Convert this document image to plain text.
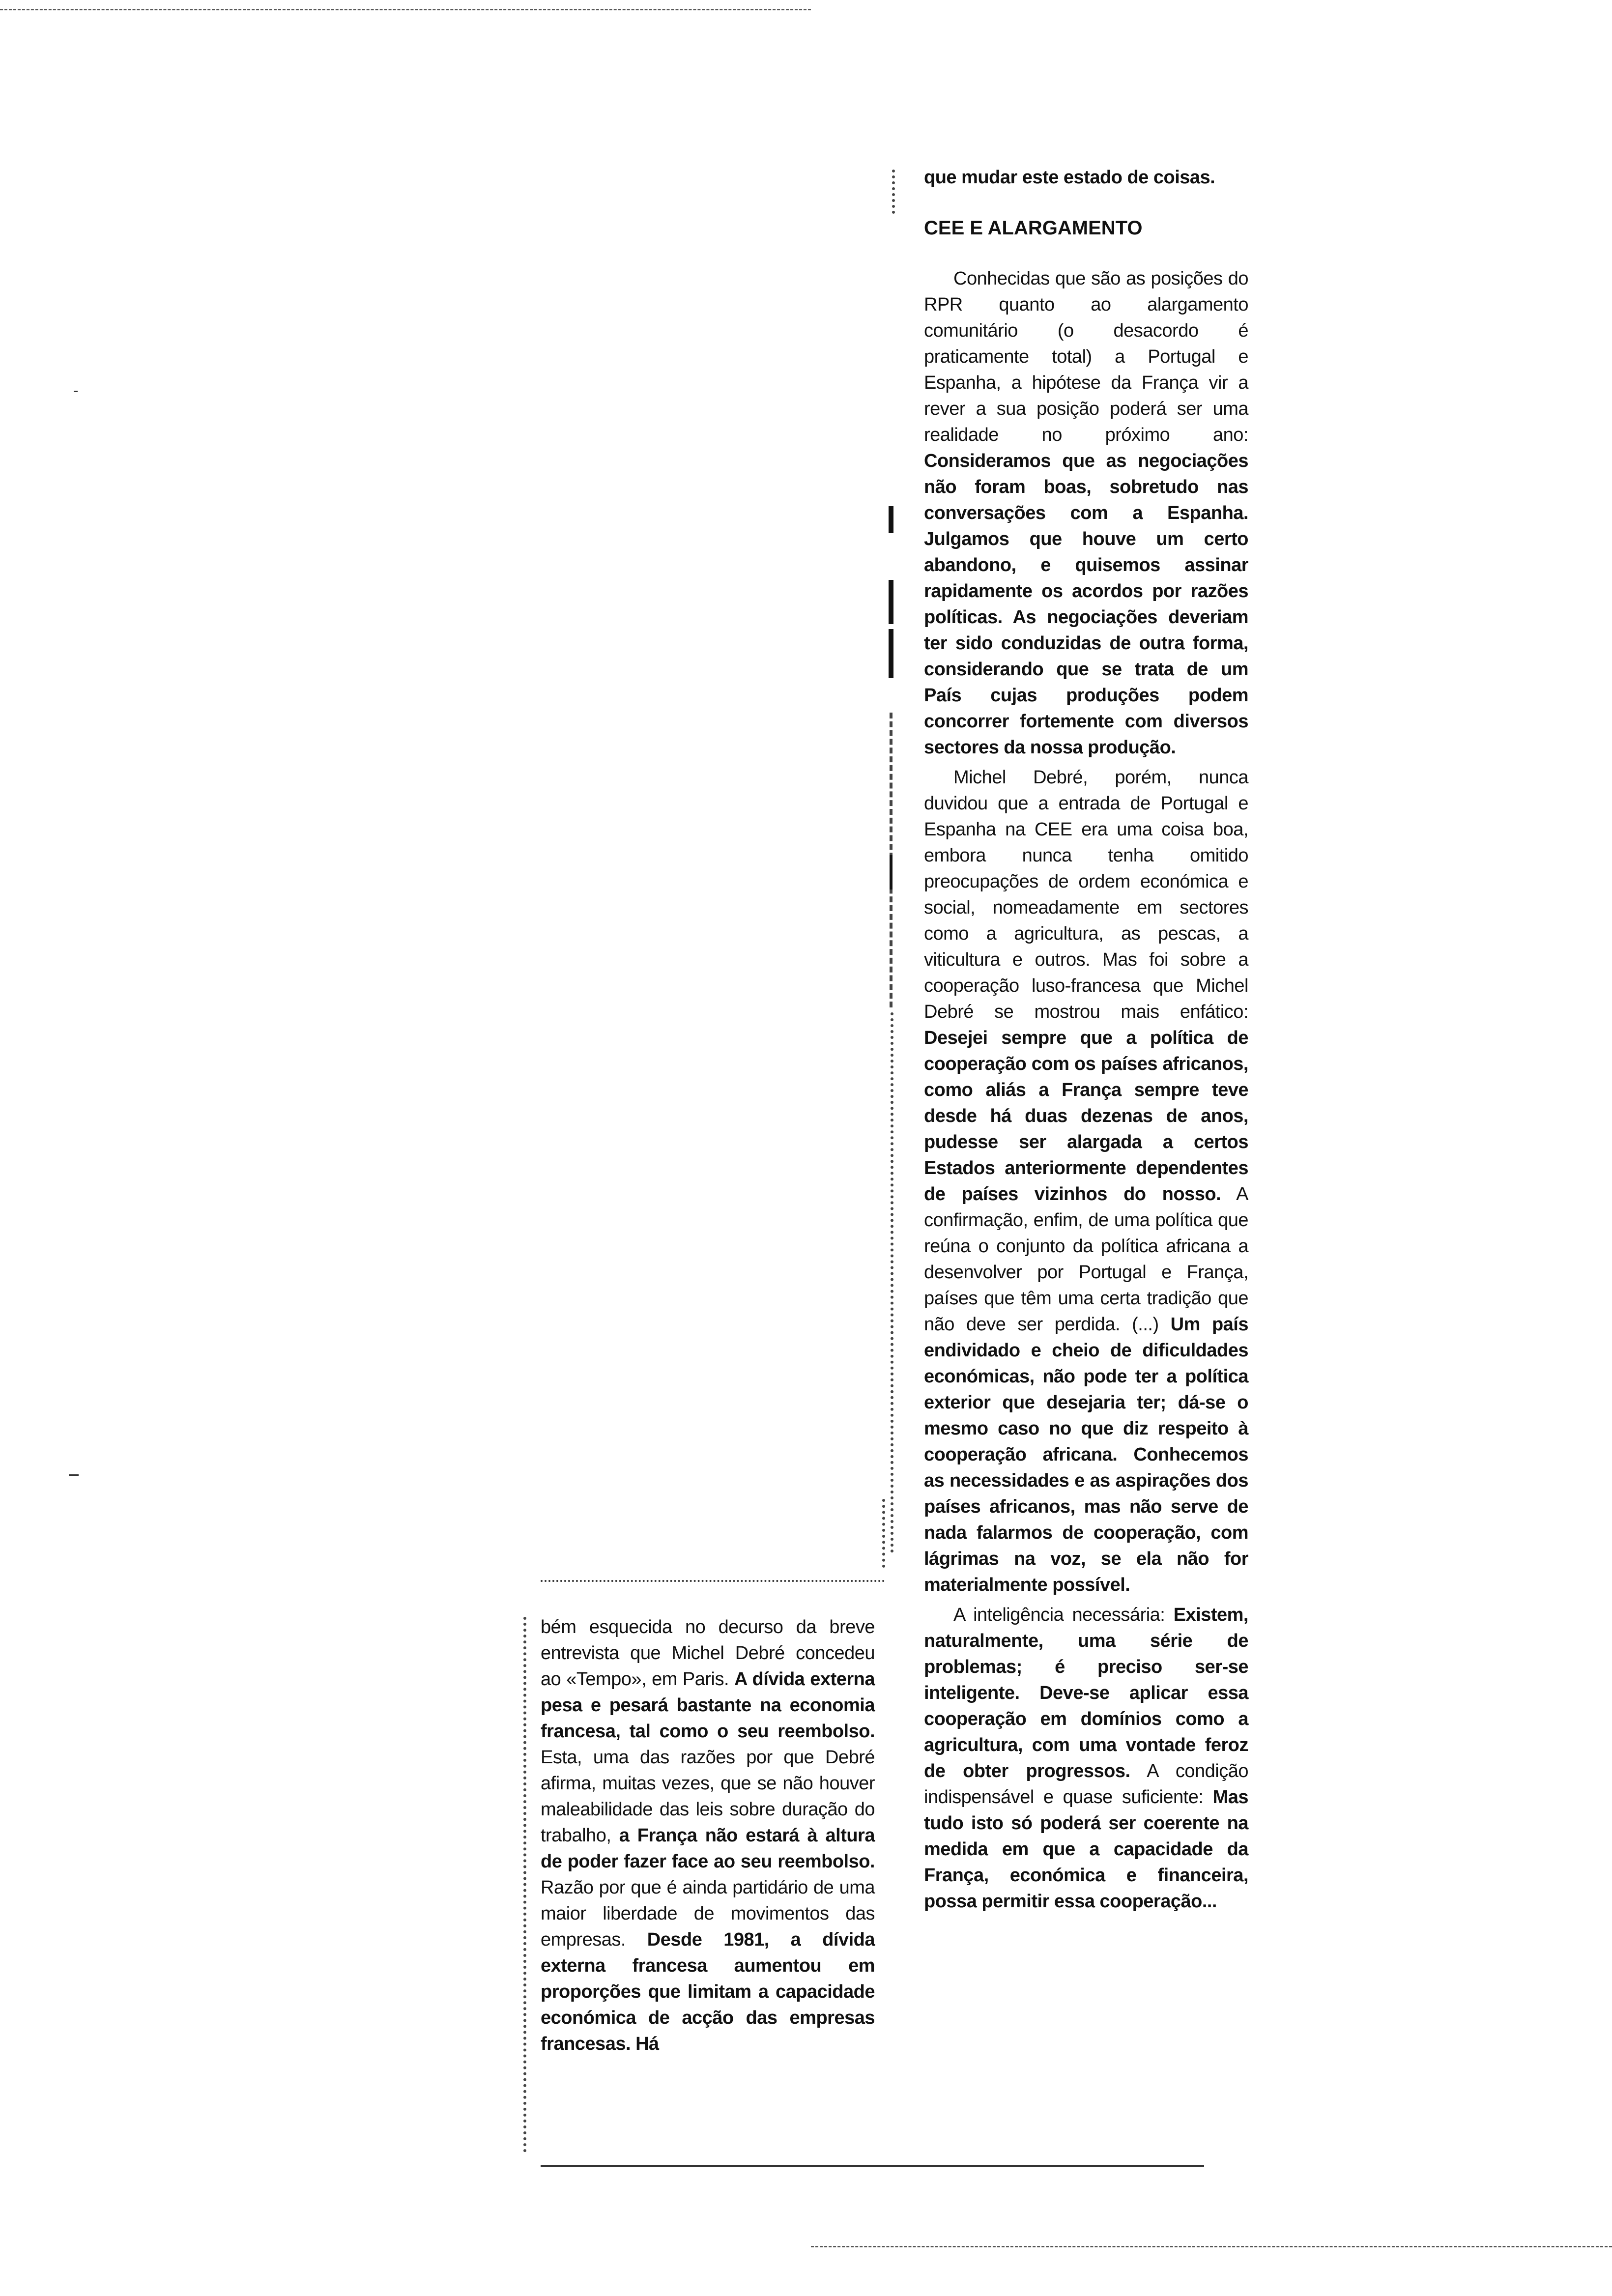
que mudar este estado de coisas.

CEE E ALARGAMENTO

Conhecidas que são as posições do RPR quanto ao alargamento comunitário (o desacordo é praticamente total) a Portugal e Espanha, a hipótese da França vir a rever a sua posição poderá ser uma realidade no próximo ano: Consideramos que as negociações não foram boas, sobretudo nas conversações com a Espanha. Julgamos que houve um certo abandono, e quisemos assinar rapidamente os acordos por razões políticas. As negociações deveriam ter sido conduzidas de outra forma, considerando que se trata de um País cujas produções podem concorrer fortemente com diversos sectores da nossa produção.

Michel Debré, porém, nunca duvidou que a entrada de Portugal e Espanha na CEE era uma coisa boa, embora nunca tenha omitido preocupações de ordem económica e social, nomeadamente em sectores como a agricultura, as pescas, a viticultura e outros. Mas foi sobre a cooperação luso-francesa que Michel Debré se mostrou mais enfático: Desejei sempre que a política de cooperação com os países africanos, como aliás a França sempre teve desde há duas dezenas de anos, pudesse ser alargada a certos Estados anteriormente dependentes de países vizinhos do nosso. A confirmação, enfim, de uma política que reúna o conjunto da política africana a desenvolver por Portugal e França, países que têm uma certa tradição que não deve ser perdida. (...) Um país endividado e cheio de dificuldades económicas, não pode ter a política exterior que desejaria ter; dá-se o mesmo caso no que diz respeito à cooperação africana. Conhecemos as necessidades e as aspirações dos países africanos, mas não serve de nada falarmos de cooperação, com lágrimas na voz, se ela não for materialmente possível.

A inteligência necessária: Existem, naturalmente, uma série de problemas; é preciso ser-se inteligente. Deve-se aplicar essa cooperação em domínios como a agricultura, com uma vontade feroz de obter progressos. A condição indispensável e quase suficiente: Mas tudo isto só poderá ser coerente na medida em que a capacidade da França, económica e financeira, possa permitir essa cooperação...

bém esquecida no decurso da breve entrevista que Michel Debré concedeu ao «Tempo», em Paris. A dívida externa pesa e pesará bastante na economia francesa, tal como o seu reembolso. Esta, uma das razões por que Debré afirma, muitas vezes, que se não houver maleabilidade das leis sobre duração do trabalho, a França não estará à altura de poder fazer face ao seu reembolso. Razão por que é ainda partidário de uma maior liberdade de movimentos das empresas. Desde 1981, a dívida externa francesa aumentou em proporções que limitam a capacidade económica de acção das empresas francesas. Há
